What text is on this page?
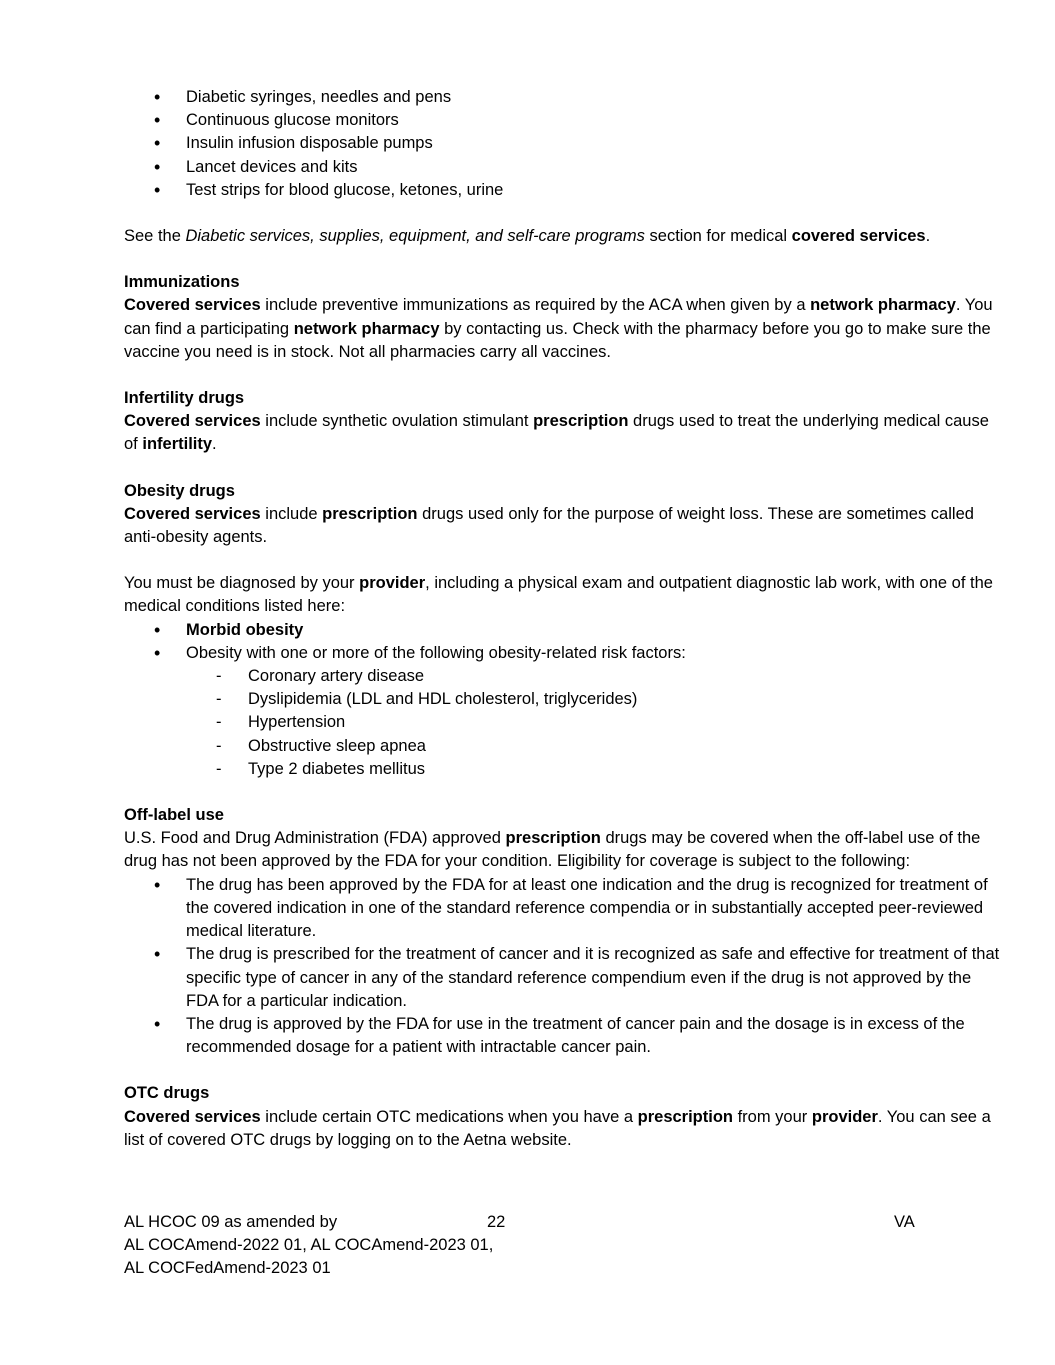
• Diabetic syringes, needles and pens
• Continuous glucose monitors
• Insulin infusion disposable pumps
• Lancet devices and kits
• Test strips for blood glucose, ketones, urine

See the Diabetic services, supplies, equipment, and self-care programs section for medical covered services.

Immunizations

Covered services include preventive immunizations as required by the ACA when given by a network pharmacy. You can find a participating network pharmacy by contacting us. Check with the pharmacy before you go to make sure the vaccine you need is in stock. Not all pharmacies carry all vaccines.

Infertility drugs

Covered services include synthetic ovulation stimulant prescription drugs used to treat the underlying medical cause of infertility.

Obesity drugs

Covered services include prescription drugs used only for the purpose of weight loss. These are sometimes called anti-obesity agents.

You must be diagnosed by your provider, including a physical exam and outpatient diagnostic lab work, with one of the medical conditions listed here:

• Morbid obesity
• Obesity with one or more of the following obesity-related risk factors:
- Coronary artery disease
- Dyslipidemia (LDL and HDL cholesterol, triglycerides)
- Hypertension
- Obstructive sleep apnea
- Type 2 diabetes mellitus

Off-label use

U.S. Food and Drug Administration (FDA) approved prescription drugs may be covered when the off-label use of the drug has not been approved by the FDA for your condition. Eligibility for coverage is subject to the following:

• The drug has been approved by the FDA for at least one indication and the drug is recognized for treatment of the covered indication in one of the standard reference compendia or in substantially accepted peer-reviewed medical literature.
• The drug is prescribed for the treatment of cancer and it is recognized as safe and effective for treatment of that specific type of cancer in any of the standard reference compendium even if the drug is not approved by the FDA for a particular indication.
• The drug is approved by the FDA for use in the treatment of cancer pain and the dosage is in excess of the recommended dosage for a patient with intractable cancer pain.

OTC drugs

Covered services include certain OTC medications when you have a prescription from your provider. You can see a list of covered OTC drugs by logging on to the Aetna website.

AL HCOC 09 as amended by
AL COCAmend-2022 01, AL COCAmend-2023 01,
AL COCFedAmend-2023 01
22	VA
